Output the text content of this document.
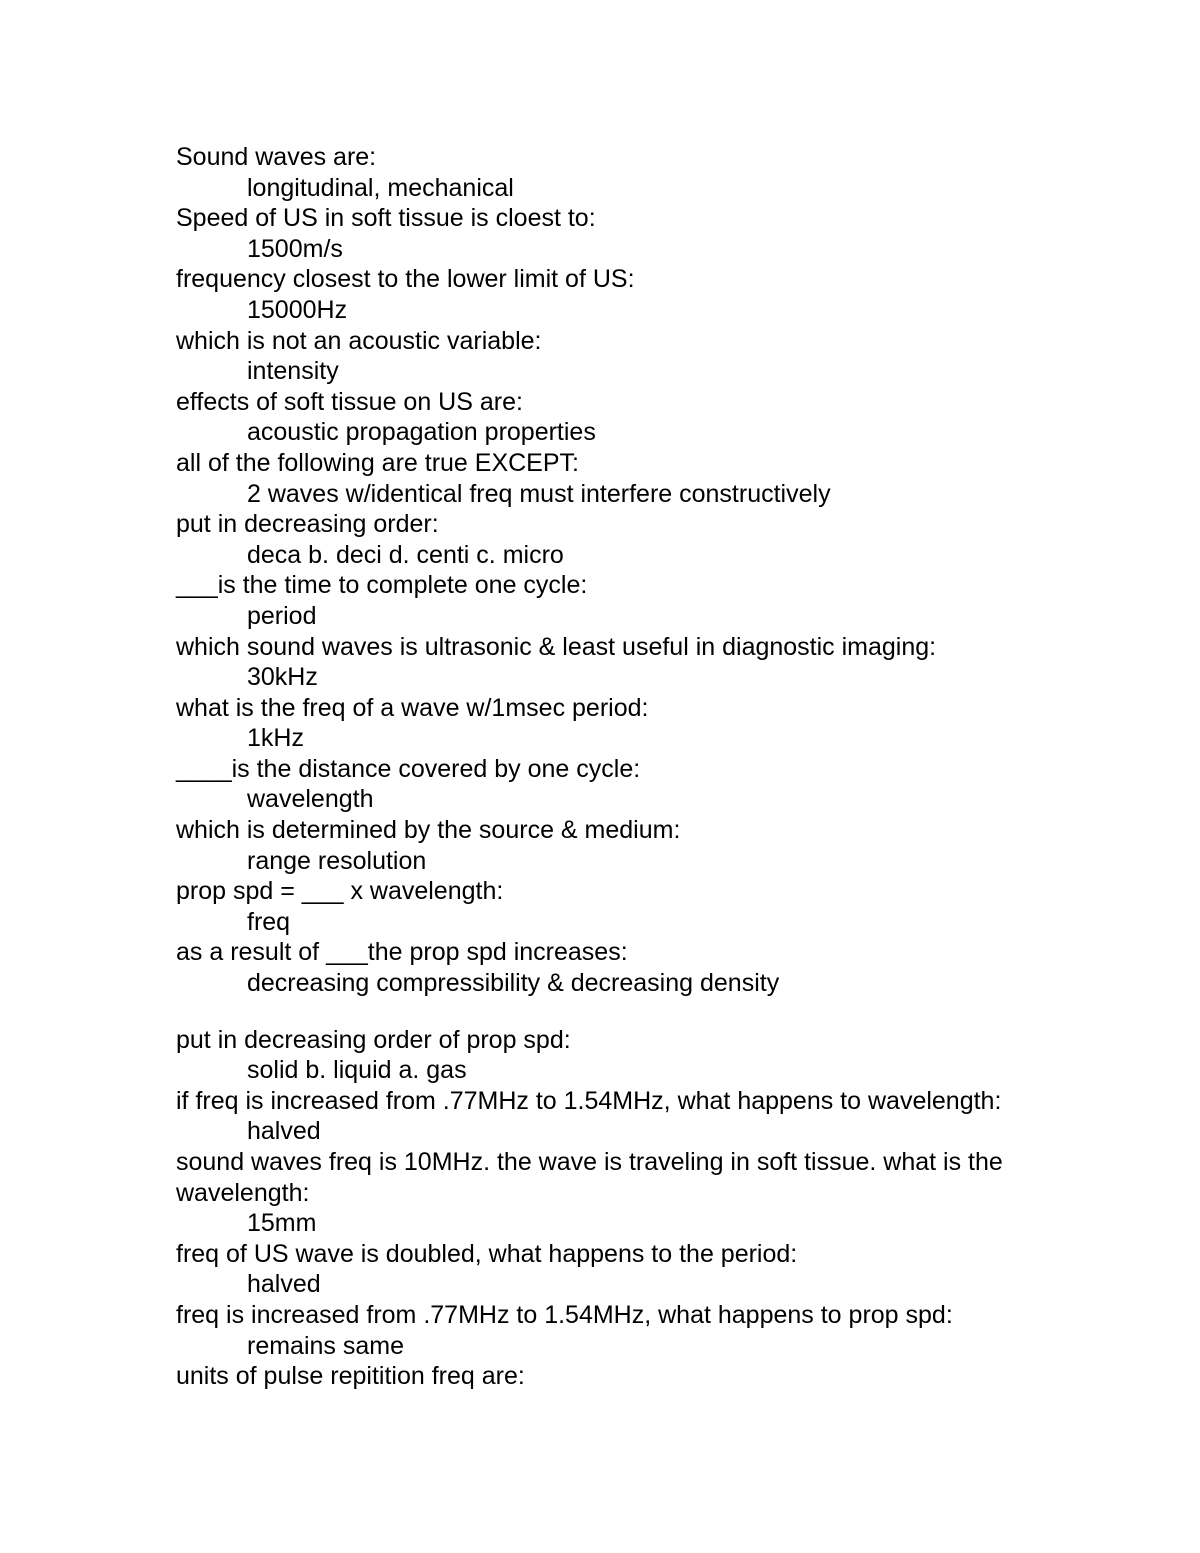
Sound waves are:
longitudinal, mechanical
Speed of US in soft tissue is cloest to:
1500m/s
frequency closest to the lower limit of US:
15000Hz
which is not an acoustic variable:
intensity
effects of soft tissue on US are:
acoustic propagation properties
all of the following are true EXCEPT:
2 waves w/identical freq must interfere constructively
put in decreasing order:
deca b. deci d. centi c. micro
___is the time to complete one cycle:
period
which sound waves is ultrasonic & least useful in diagnostic imaging:
30kHz
what is the freq of a wave w/1msec period:
1kHz
____is the distance covered by one cycle:
wavelength
which is determined by the source & medium:
range resolution
prop spd = ___ x wavelength:
freq
as a result of ___the prop spd increases:
decreasing compressibility & decreasing density
put in decreasing order of prop spd:
solid b. liquid a. gas
if freq is increased from .77MHz to 1.54MHz, what happens to wavelength:
halved
sound waves freq is 10MHz. the wave is traveling in soft tissue. what is the wavelength:
15mm
freq of US wave is doubled, what happens to the period:
halved
freq is increased from .77MHz to 1.54MHz, what happens to prop spd:
remains same
units of pulse repitition freq are:
